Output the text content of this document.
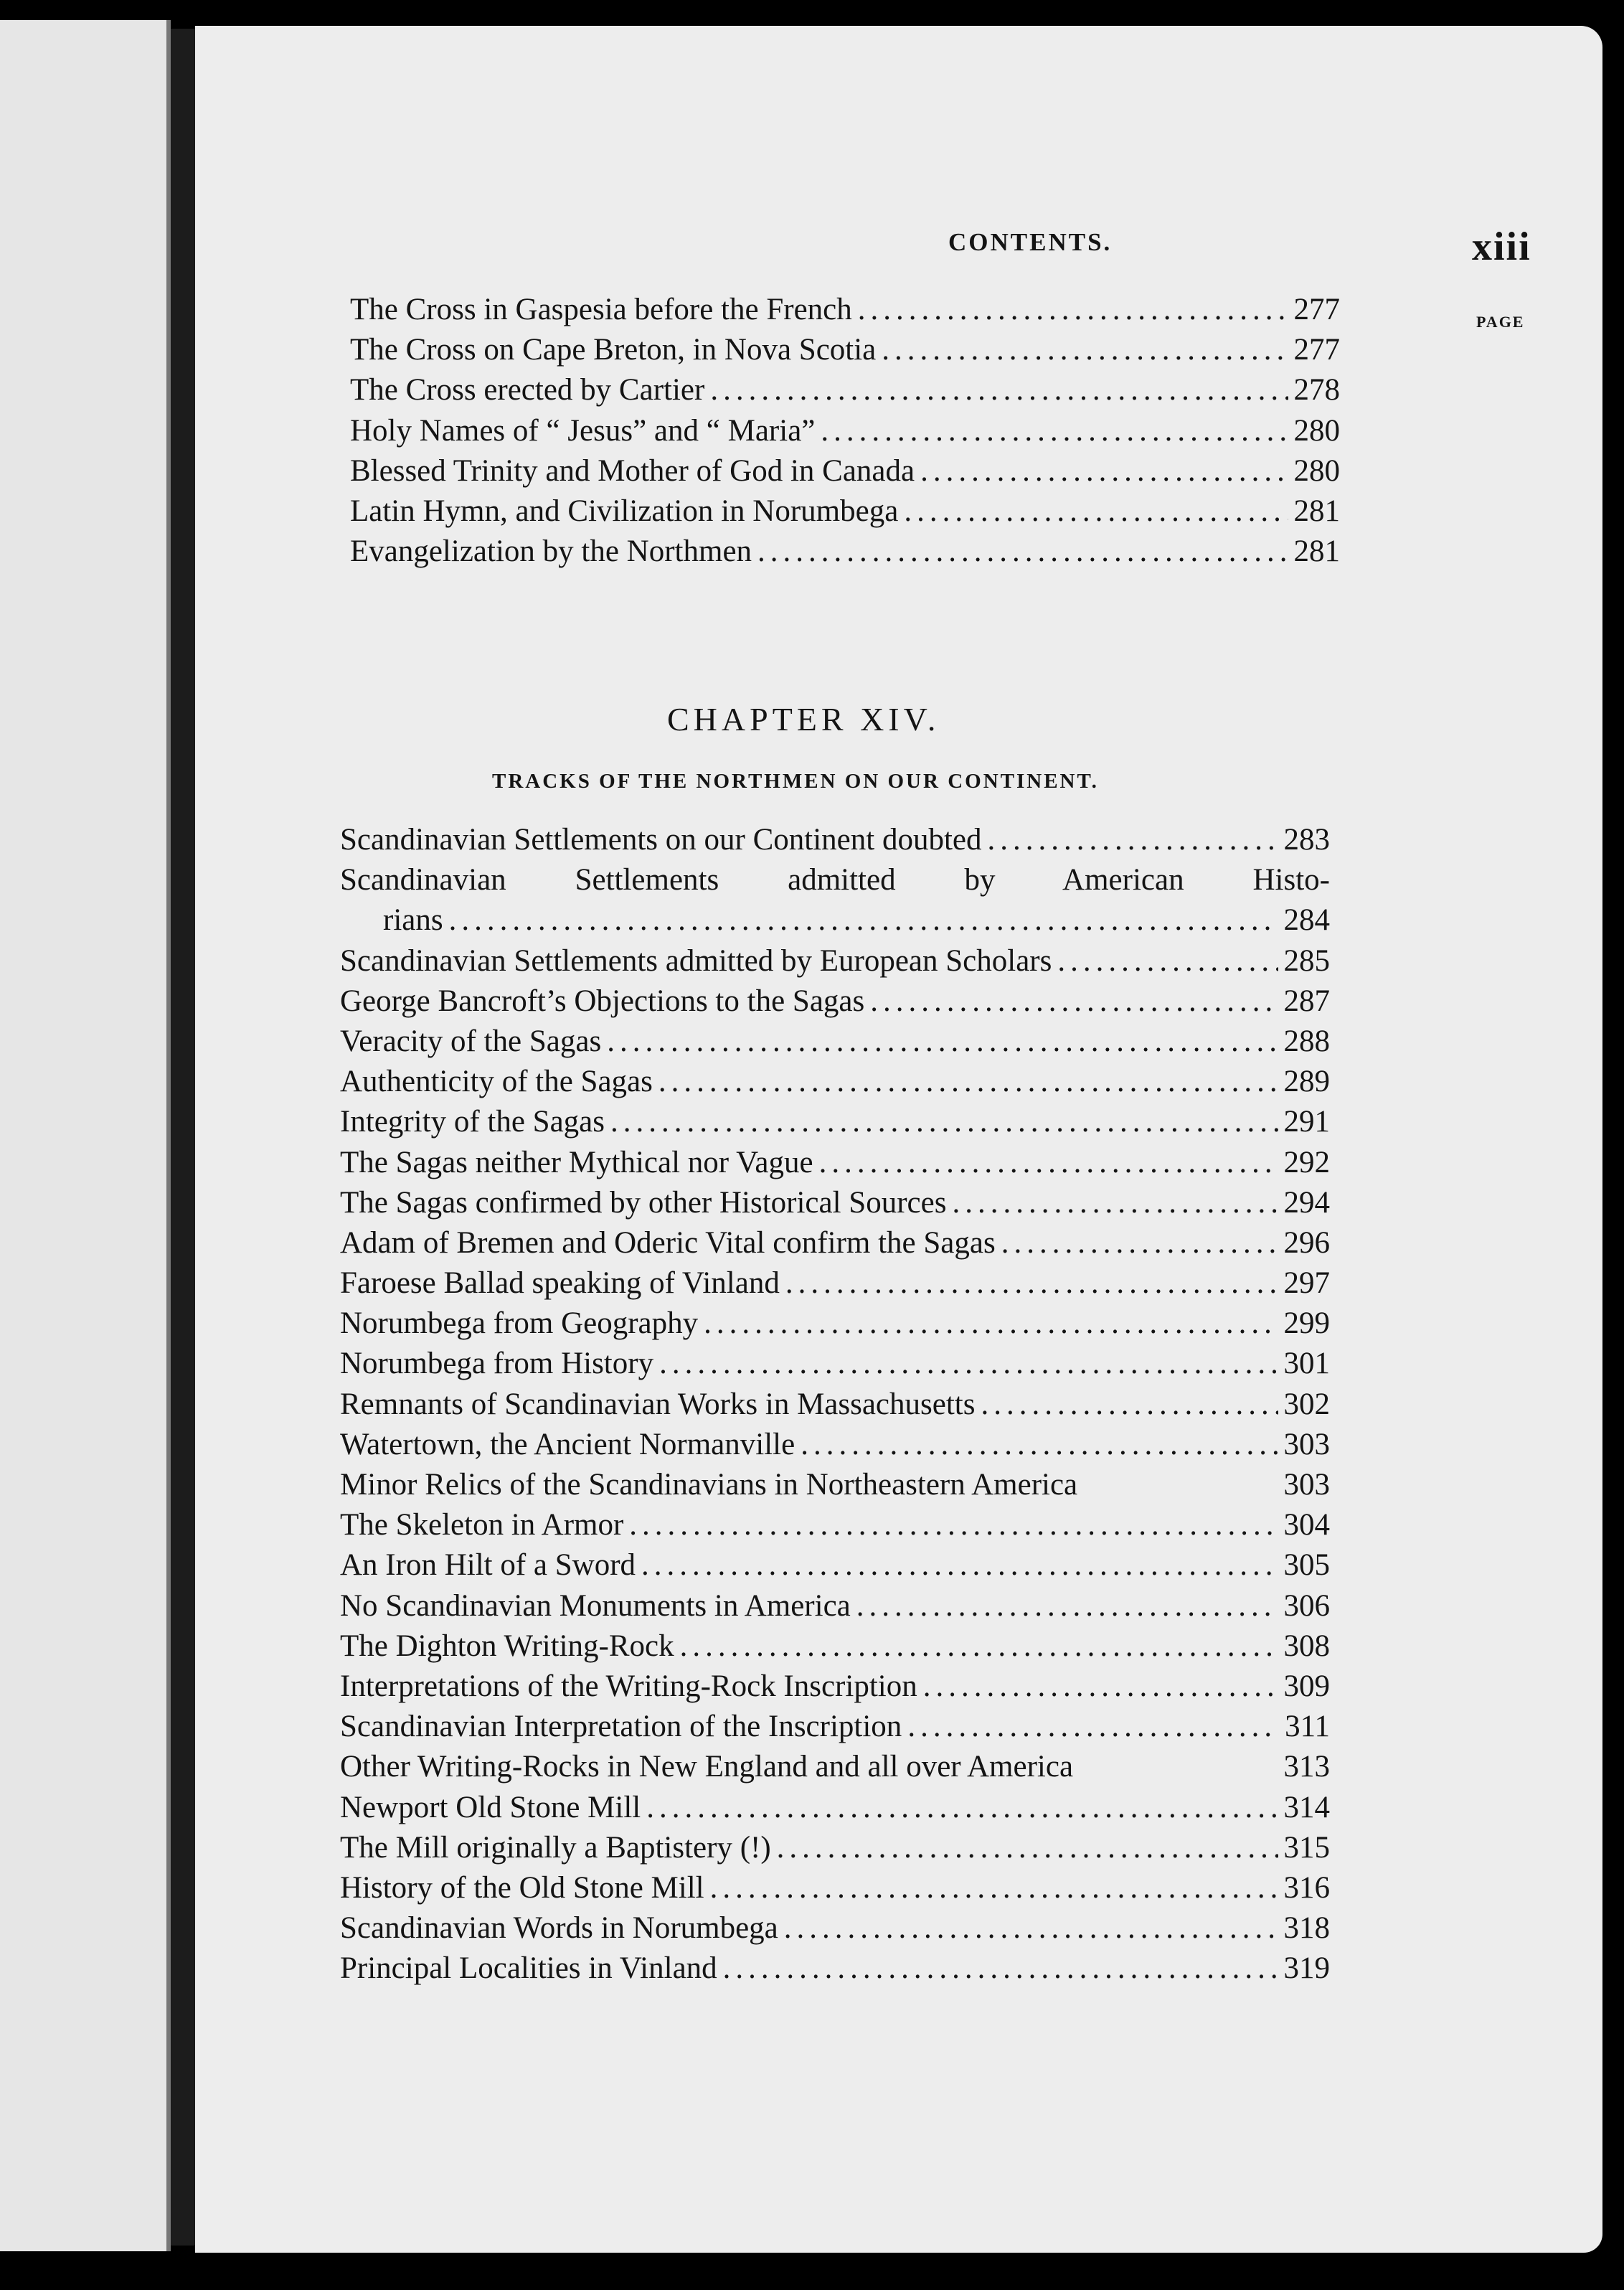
CONTENTS.	xiii
PAGE
The Cross in Gaspesia before the French .....	277
The Cross on Cape Breton, in Nova Scotia .....	277
The Cross erected by Cartier .....	278
Holy Names of “ Jesus” and “ Maria” .....	280
Blessed Trinity and Mother of God in Canada .....	280
Latin Hymn, and Civilization in Norumbega .....	281
Evangelization by the Northmen .....	281
CHAPTER XIV.
TRACKS OF THE NORTHMEN ON OUR CONTINENT.
Scandinavian Settlements on our Continent doubted .....	283
Scandinavian Settlements admitted by American Histo-
rians .....	284
Scandinavian Settlements admitted by European Scholars .....	285
George Bancroft’s Objections to the Sagas .....	287
Veracity of the Sagas .....	288
Authenticity of the Sagas .....	289
Integrity of the Sagas .....	291
The Sagas neither Mythical nor Vague .....	292
The Sagas confirmed by other Historical Sources .....	294
Adam of Bremen and Oderic Vital confirm the Sagas .....	296
Faroese Ballad speaking of Vinland .....	297
Norumbega from Geography .....	299
Norumbega from History .....	301
Remnants of Scandinavian Works in Massachusetts .....	302
Watertown, the Ancient Normanville .....	303
Minor Relics of the Scandinavians in Northeastern America	303
The Skeleton in Armor .....	304
An Iron Hilt of a Sword .....	305
No Scandinavian Monuments in America .....	306
The Dighton Writing-Rock .....	308
Interpretations of the Writing-Rock Inscription .....	309
Scandinavian Interpretation of the Inscription .....	311
Other Writing-Rocks in New England and all over America	313
Newport Old Stone Mill .....	314
The Mill originally a Baptistery (!) .....	315
History of the Old Stone Mill .....	316
Scandinavian Words in Norumbega .....	318
Principal Localities in Vinland .....	319
